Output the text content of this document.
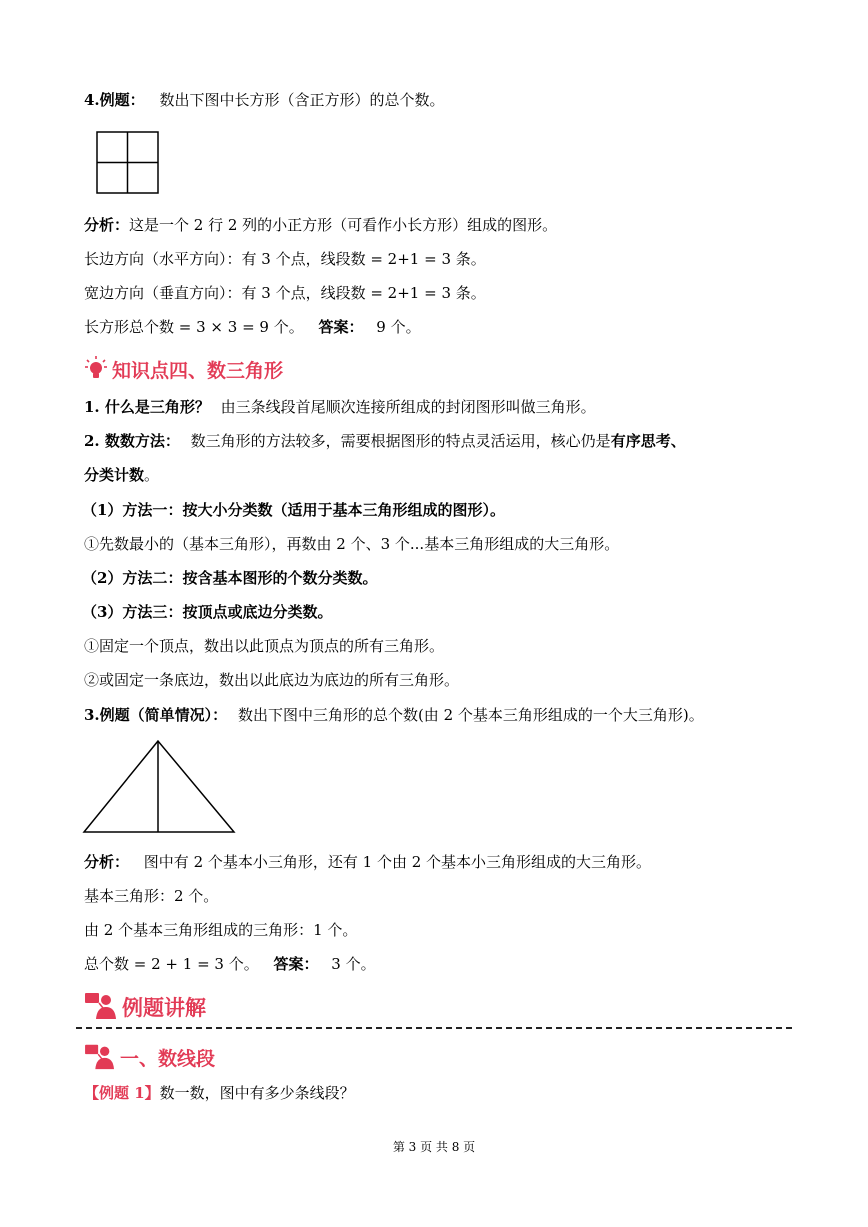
4.例题： 数出下图中长方形（含正方形）的总个数。
分析：这是一个 2 行 2 列的小正方形（可看作小长方形）组成的图形。
长边方向（水平方向）：有 3 个点，线段数 = 2+1 = 3 条。
宽边方向（垂直方向）：有 3 个点，线段数 = 2+1 = 3 条。
长方形总个数 = 3 × 3 = 9 个。 答案： 9 个。
知识点四、数三角形
1. 什么是三角形？ 由三条线段首尾顺次连接所组成的封闭图形叫做三角形。
2. 数数方法： 数三角形的方法较多，需要根据图形的特点灵活运用，核心仍是有序思考、
分类计数。
（1）方法一：按大小分类数（适用于基本三角形组成的图形）。
①先数最小的（基本三角形），再数由 2 个、3 个...基本三角形组成的大三角形。
（2）方法二：按含基本图形的个数分类数。
（3）方法三：按顶点或底边分类数。
①固定一个顶点，数出以此顶点为顶点的所有三角形。
②或固定一条底边，数出以此底边为底边的所有三角形。
3.例题（简单情况）： 数出下图中三角形的总个数(由 2 个基本三角形组成的一个大三角形)。
分析： 图中有 2 个基本小三角形，还有 1 个由 2 个基本小三角形组成的大三角形。
基本三角形：2 个。
由 2 个基本三角形组成的三角形：1 个。
总个数 = 2 + 1 = 3 个。 答案： 3 个。
例题讲解
一、数线段
【例题 1】数一数，图中有多少条线段？
第 3 页 共 8 页
